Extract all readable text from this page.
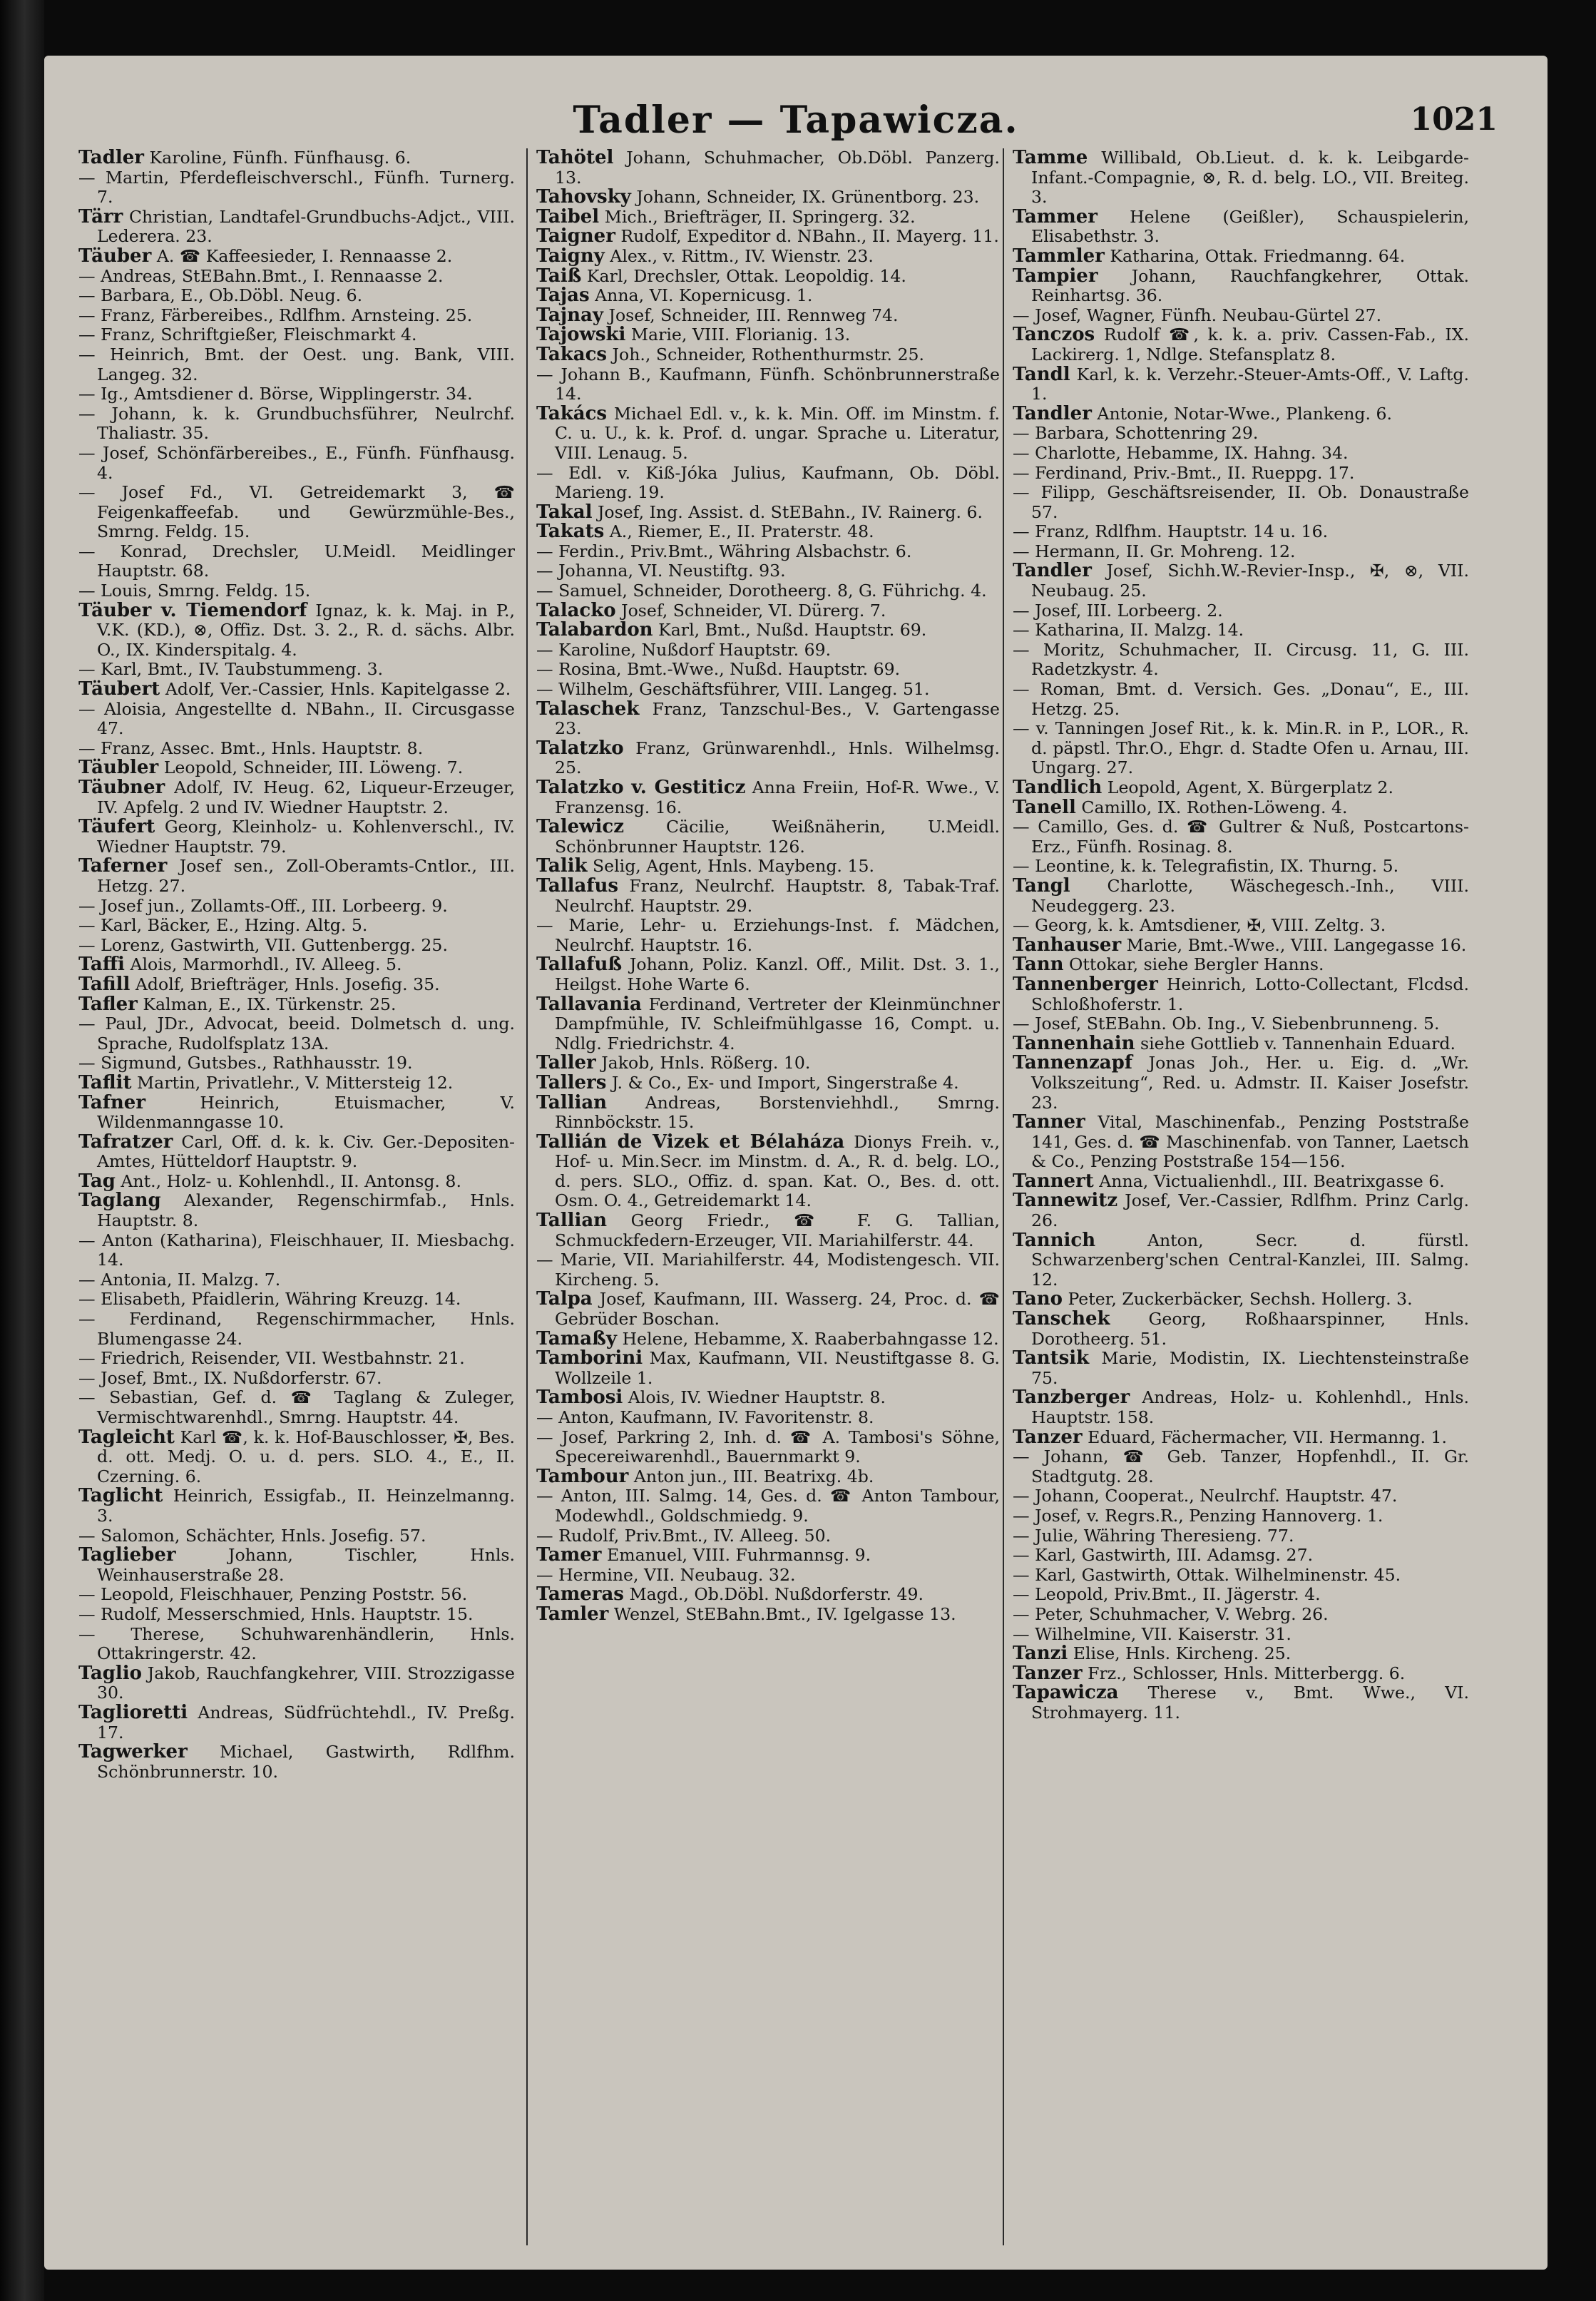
Tadler — Tapawicza.	1021

Tadler Karoline, Fünfh. Fünfhausg. 6.

— Martin, Pferdefleischverschl., Fünfh. Turnerg. 7.

Tärr Christian, Landtafel-Grundbuchs-Adjct., VIII. Lederera. 23.

Täuber A. ☎ Kaffeesieder, I. Rennaasse 2.

— Andreas, StEBahn.Bmt., I. Rennaasse 2.

— Barbara, E., Ob.Döbl. Neug. 6.

— Franz, Färbereibes., Rdlfhm. Arnsteing. 25.

— Franz, Schriftgießer, Fleischmarkt 4.

— Heinrich, Bmt. der Oest. ung. Bank, VIII. Langeg. 32.

— Ig., Amtsdiener d. Börse, Wipplingerstr. 34.

— Johann, k. k. Grundbuchsführer, Neulrchf. Thaliastr. 35.

— Josef, Schönfärbereibes., E., Fünfh. Fünfhausg. 4.

— Josef Fd., VI. Getreidemarkt 3, ☎ Feigenkaffeefab. und Gewürzmühle-Bes., Smrng. Feldg. 15.

— Konrad, Drechsler, U.Meidl. Meidlinger Hauptstr. 68.

— Louis, Smrng. Feldg. 15.

Täuber v. Tiemendorf Ignaz, k. k. Maj. in P., V.K. (KD.), ⊗, Offiz. Dst. 3. 2., R. d. sächs. Albr. O., IX. Kinderspitalg. 4.

— Karl, Bmt., IV. Taubstummeng. 3.

Täubert Adolf, Ver.-Cassier, Hnls. Kapitelgasse 2.

— Aloisia, Angestellte d. NBahn., II. Circusgasse 47.

— Franz, Assec. Bmt., Hnls. Hauptstr. 8.

Täubler Leopold, Schneider, III. Löweng. 7.

Täubner Adolf, IV. Heug. 62, Liqueur-Erzeuger, IV. Apfelg. 2 und IV. Wiedner Hauptstr. 2.

Täufert Georg, Kleinholz- u. Kohlenverschl., IV. Wiedner Hauptstr. 79.

Taferner Josef sen., Zoll-Oberamts-Cntlor., III. Hetzg. 27.

— Josef jun., Zollamts-Off., III. Lorbeerg. 9.

— Karl, Bäcker, E., Hzing. Altg. 5.

— Lorenz, Gastwirth, VII. Guttenbergg. 25.

Taffi Alois, Marmorhdl., IV. Alleeg. 5.

Tafill Adolf, Briefträger, Hnls. Josefig. 35.

Tafler Kalman, E., IX. Türkenstr. 25.

— Paul, JDr., Advocat, beeid. Dolmetsch d. ung. Sprache, Rudolfsplatz 13A.

— Sigmund, Gutsbes., Rathhausstr. 19.

Taflit Martin, Privatlehr., V. Mittersteig 12.

Tafner	Heinrich, Etuismacher, V. Wildenmanngasse 10.

Tafratzer Carl, Off. d. k. k. Civ. Ger.-Depositen-Amtes, Hütteldorf Hauptstr. 9.

Tag Ant., Holz- u. Kohlenhdl., II. Antonsg. 8.

Taglang Alexander, Regenschirmfab., Hnls. Hauptstr. 8.

— Anton (Katharina), Fleischhauer, II. Miesbachg. 14.

— Antonia, II. Malzg. 7.

— Elisabeth, Pfaidlerin, Währing Kreuzg. 14.

— Ferdinand, Regenschirmmacher, Hnls. Blumengasse 24.

— Friedrich, Reisender, VII. Westbahnstr. 21.

— Josef, Bmt., IX. Nußdorferstr. 67.

— Sebastian, Gef. d. ☎ Taglang & Zuleger, Vermischtwarenhdl., Smrng. Hauptstr. 44.

Tagleicht Karl ☎, k. k. Hof-Bauschlosser, ✠, Bes. d. ott. Medj. O. u. d. pers. SLO. 4., E., II. Czerning. 6.

Taglicht Heinrich, Essigfab., II. Heinzelmanng. 3.

— Salomon, Schächter, Hnls. Josefig. 57.

Taglieber	Johann, Tischler, Hnls. Weinhauserstraße 28.

— Leopold, Fleischhauer, Penzing Poststr. 56.

— Rudolf, Messerschmied, Hnls. Hauptstr. 15.

— Therese, Schuhwarenhändlerin, Hnls. Ottakringerstr. 42.

Taglio Jakob, Rauchfangkehrer, VIII. Strozzigasse 30.

Taglioretti Andreas, Südfrüchtehdl., IV. Preßg. 17.

Tagwerker Michael, Gastwirth, Rdlfhm. Schönbrunnerstr. 10.

Tahötel Johann, Schuhmacher, Ob.Döbl. Panzerg. 13.

Tahovsky Johann, Schneider, IX. Grünentborg. 23.

Taibel Mich., Briefträger, II. Springerg. 32.

Taigner Rudolf, Expeditor d. NBahn., II. Mayerg. 11.

Taigny Alex., v. Rittm., IV. Wienstr. 23.

Taiß Karl, Drechsler, Ottak. Leopoldig. 14.

Tajas Anna, VI. Kopernicusg. 1.

Tajnay Josef, Schneider, III. Rennweg 74.

Tajowski Marie, VIII. Florianig. 13.

Takacs Joh., Schneider, Rothenthurmstr. 25.

— Johann B., Kaufmann, Fünfh. Schönbrunnerstraße 14.

Takács Michael Edl. v., k. k. Min. Off. im Minstm. f. C. u. U., k. k. Prof. d. ungar. Sprache u. Literatur, VIII. Lenaug. 5.

— Edl. v. Kiß-Jóka Julius, Kaufmann, Ob. Döbl. Marieng. 19.

Takal Josef, Ing. Assist. d. StEBahn., IV. Rainerg. 6.

Takats A., Riemer, E., II. Praterstr. 48.

— Ferdin., Priv.Bmt., Währing Alsbachstr. 6.

— Johanna, VI. Neustiftg. 93.

— Samuel, Schneider, Dorotheerg. 8, G. Führichg. 4.

Talacko Josef, Schneider, VI. Dürerg. 7.

Talabardon Karl, Bmt., Nußd. Hauptstr. 69.

— Karoline, Nußdorf Hauptstr. 69.

— Rosina, Bmt.-Wwe., Nußd. Hauptstr. 69.

— Wilhelm, Geschäftsführer, VIII. Langeg. 51.

Talaschek Franz, Tanzschul-Bes., V. Gartengasse 23.

Talatzko Franz, Grünwarenhdl., Hnls. Wilhelmsg. 25.

Talatzko v. Gestiticz Anna Freiin, Hof-R. Wwe., V. Franzensg. 16.

Talewicz	Cäcilie, Weißnäherin, U.Meidl. Schönbrunner Hauptstr. 126.

Talik Selig, Agent, Hnls. Maybeng. 15.

Tallafus Franz, Neulrchf. Hauptstr. 8, Tabak-Traf. Neulrchf. Hauptstr. 29.

— Marie, Lehr- u. Erziehungs-Inst. f. Mädchen, Neulrchf. Hauptstr. 16.

Tallafuß Johann, Poliz. Kanzl. Off., Milit. Dst. 3. 1., Heilgst. Hohe Warte 6.

Tallavania Ferdinand, Vertreter der Kleinmünchner Dampfmühle, IV. Schleifmühlgasse 16, Compt. u. Ndlg. Friedrichstr. 4.

Taller Jakob, Hnls. Rößerg. 10.

Tallers J. & Co., Ex- und Import, Singerstraße 4.

Tallian Andreas, Borstenviehhdl., Smrng. Rinnböckstr. 15.

Tallián de Vizek et Bélaháza Dionys Freih. v., Hof- u. Min.Secr. im Minstm. d. A., R. d. belg. LO., d. pers. SLO., Offiz. d. span. Kat. O., Bes. d. ott. Osm. O. 4., Getreidemarkt 14.

Tallian Georg Friedr., ☎ F. G. Tallian, Schmuckfedern-Erzeuger, VII. Mariahilferstr. 44.

— Marie, VII. Mariahilferstr. 44, Modistengesch. VII. Kircheng. 5.

Talpa Josef, Kaufmann, III. Wasserg. 24, Proc. d. ☎ Gebrüder Boschan.

Tamaßy Helene, Hebamme, X. Raaberbahngasse 12.

Tamborini Max, Kaufmann, VII. Neustiftgasse 8. G. Wollzeile 1.

Tambosi Alois, IV. Wiedner Hauptstr. 8.

— Anton, Kaufmann, IV. Favoritenstr. 8.

— Josef, Parkring 2, Inh. d. ☎ A. Tambosi's Söhne, Specereiwarenhdl., Bauernmarkt 9.

Tambour Anton jun., III. Beatrixg. 4b.

— Anton, III. Salmg. 14, Ges. d. ☎ Anton Tambour, Modewhdl., Goldschmiedg. 9.

— Rudolf, Priv.Bmt., IV. Alleeg. 50.

Tamer Emanuel, VIII. Fuhrmannsg. 9.

— Hermine, VII. Neubaug. 32.

Tameras Magd., Ob.Döbl. Nußdorferstr. 49.

Tamler Wenzel, StEBahn.Bmt., IV. Igelgasse 13.

Tamme Willibald, Ob.Lieut. d. k. k. Leibgarde-Infant.-Compagnie, ⊗, R. d. belg. LO., VII. Breiteg. 3.

Tammer Helene (Geißler), Schauspielerin, Elisabethstr. 3.

Tammler Katharina, Ottak. Friedmanng. 64.

Tampier Johann, Rauchfangkehrer, Ottak. Reinhartsg. 36.

— Josef, Wagner, Fünfh. Neubau-Gürtel 27.

Tanczos Rudolf ☎, k. k. a. priv. Cassen-Fab., IX. Lackirerg. 1, Ndlge. Stefansplatz 8.

Tandl Karl, k. k. Verzehr.-Steuer-Amts-Off., V. Laftg. 1.

Tandler Antonie, Notar-Wwe., Plankeng. 6.

— Barbara, Schottenring 29.

— Charlotte, Hebamme, IX. Hahng. 34.

— Ferdinand, Priv.-Bmt., II. Rueppg. 17.

— Filipp, Geschäftsreisender, II. Ob. Donaustraße 57.

— Franz, Rdlfhm. Hauptstr. 14 u. 16.

— Hermann, II. Gr. Mohreng. 12.

Tandler Josef, Sichh.W.-Revier-Insp., ✠, ⊗, VII. Neubaug. 25.

— Josef, III. Lorbeerg. 2.

— Katharina, II. Malzg. 14.

— Moritz, Schuhmacher, II. Circusg. 11, G. III. Radetzkystr. 4.

— Roman, Bmt. d. Versich. Ges. „Donau“, E., III. Hetzg. 25.

— v. Tanningen Josef Rit., k. k. Min.R. in P., LOR., R. d. päpstl. Thr.O., Ehgr. d. Stadte Ofen u. Arnau, III. Ungarg. 27.

Tandlich Leopold, Agent, X. Bürgerplatz 2.

Tanell Camillo, IX. Rothen-Löweng. 4.

— Camillo, Ges. d. ☎ Gultrer & Nuß, Postcartons-Erz., Fünfh. Rosinag. 8.

— Leontine, k. k. Telegrafistin, IX. Thurng. 5.

Tangl Charlotte, Wäschegesch.-Inh., VIII. Neudeggerg. 23.

— Georg, k. k. Amtsdiener, ✠, VIII. Zeltg. 3.

Tanhauser Marie, Bmt.-Wwe., VIII. Langegasse 16.

Tann Ottokar, siehe Bergler Hanns.

Tannenberger Heinrich, Lotto-Collectant, Flcdsd. Schloßhoferstr. 1.

— Josef, StEBahn. Ob. Ing., V. Siebenbrunneng. 5.

Tannenhain siehe Gottlieb v. Tannenhain Eduard.

Tannenzapf Jonas Joh., Her. u. Eig. d. „Wr. Volkszeitung“, Red. u. Admstr. II. Kaiser Josefstr. 23.

Tanner Vital, Maschinenfab., Penzing Poststraße 141, Ges. d. ☎ Maschinenfab. von Tanner, Laetsch & Co., Penzing Poststraße 154—156.

Tannert Anna, Victualienhdl., III. Beatrixgasse 6.

Tannewitz Josef, Ver.-Cassier, Rdlfhm. Prinz Carlg. 26.

Tannich	Anton, Secr. d. fürstl. Schwarzenberg'schen Central-Kanzlei, III. Salmg. 12.

Tano Peter, Zuckerbäcker, Sechsh. Hollerg. 3.

Tanschek Georg, Roßhaarspinner, Hnls. Dorotheerg. 51.

Tantsik Marie, Modistin, IX. Liechtensteinstraße 75.

Tanzberger Andreas, Holz- u. Kohlenhdl., Hnls. Hauptstr. 158.

Tanzer Eduard, Fächermacher, VII. Hermanng. 1.

— Johann, ☎ Geb. Tanzer, Hopfenhdl., II. Gr. Stadtgutg. 28.

— Johann, Cooperat., Neulrchf. Hauptstr. 47.

— Josef, v. Regrs.R., Penzing Hannoverg. 1.

— Julie, Währing Theresieng. 77.

— Karl, Gastwirth, III. Adamsg. 27.

— Karl, Gastwirth, Ottak. Wilhelminenstr. 45.

— Leopold, Priv.Bmt., II. Jägerstr. 4.

— Peter, Schuhmacher, V. Webrg. 26.

— Wilhelmine, VII. Kaiserstr. 31.

Tanzi Elise, Hnls. Kircheng. 25.

Tanzer Frz., Schlosser, Hnls. Mitterbergg. 6.

Tapawicza Therese v., Bmt. Wwe., VI. Strohmayerg. 11.
